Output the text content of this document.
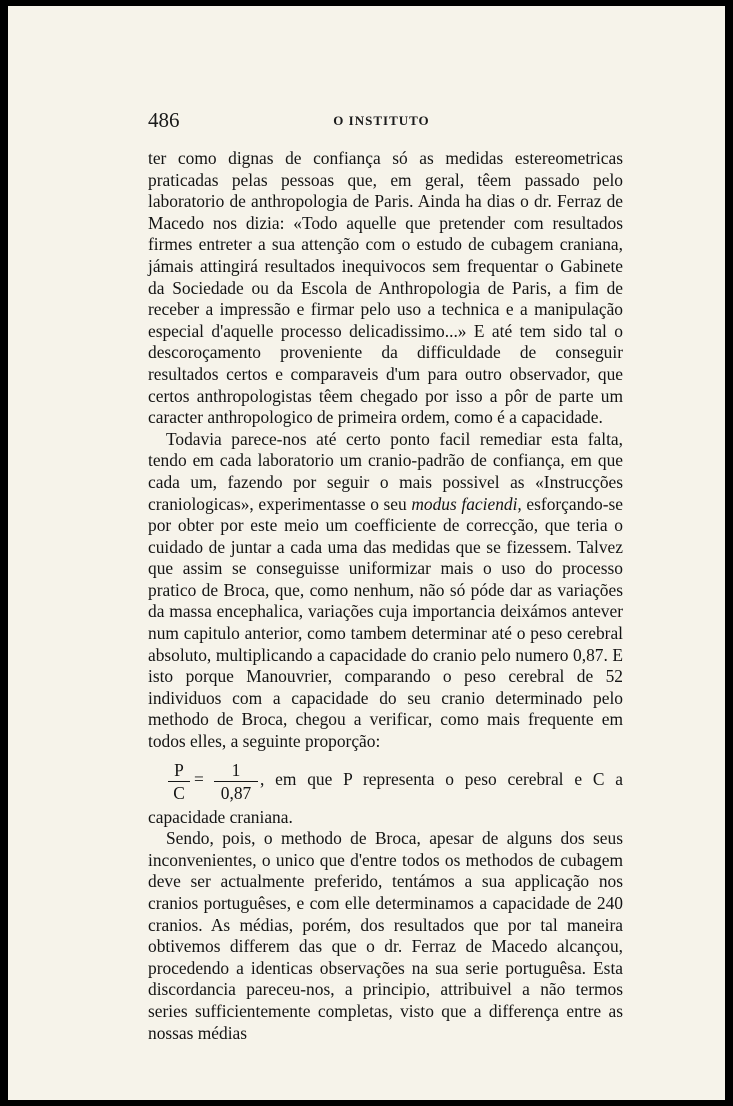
486	O INSTITUTO

ter como dignas de confiança só as medidas estereometricas praticadas pelas pessoas que, em geral, têem passado pelo laboratorio de anthropologia de Paris. Ainda ha dias o dr. Ferraz de Macedo nos dizia: «Todo aquelle que pretender com resultados firmes entreter a sua attenção com o estudo de cubagem craniana, jámais attingirá resultados inequivocos sem frequentar o Gabinete da Sociedade ou da Escola de Anthropologia de Paris, a fim de receber a impressão e firmar pelo uso a technica e a manipulação especial d'aquelle processo delicadissimo...» E até tem sido tal o descoroçamento proveniente da difficuldade de conseguir resultados certos e comparaveis d'um para outro observador, que certos anthropologistas têem chegado por isso a pôr de parte um caracter anthropologico de primeira ordem, como é a capacidade.

Todavia parece-nos até certo ponto facil remediar esta falta, tendo em cada laboratorio um cranio-padrão de confiança, em que cada um, fazendo por seguir o mais possivel as «Instrucções craniologicas», experimentasse o seu modus faciendi, esforçando-se por obter por este meio um coefficiente de correcção, que teria o cuidado de juntar a cada uma das medidas que se fizessem. Talvez que assim se conseguisse uniformizar mais o uso do processo pratico de Broca, que, como nenhum, não só póde dar as variações da massa encephalica, variações cuja importancia deixámos antever num capitulo anterior, como tambem determinar até o peso cerebral absoluto, multiplicando a capacidade do cranio pelo numero 0,87. E isto porque Manouvrier, comparando o peso cerebral de 52 individuos com a capacidade do seu cranio determinado pelo methodo de Broca, chegou a verificar, como mais frequente em todos elles, a seguinte proporção:

$\frac{P}{C} = \frac{1}{0,87}$ , em que P representa o peso cerebral e C a

capacidade craniana.

Sendo, pois, o methodo de Broca, apesar de alguns dos seus inconvenientes, o unico que d'entre todos os methodos de cubagem deve ser actualmente preferido, tentámos a sua applicação nos cranios portuguêses, e com elle determinamos a capacidade de 240 cranios. As médias, porém, dos resultados que por tal maneira obtivemos differem das que o dr. Ferraz de Macedo alcançou, procedendo a identicas observações na sua serie portuguêsa. Esta discordancia pareceu-nos, a principio, attribuivel a não termos series sufficientemente completas, visto que a differença entre as nossas médias
